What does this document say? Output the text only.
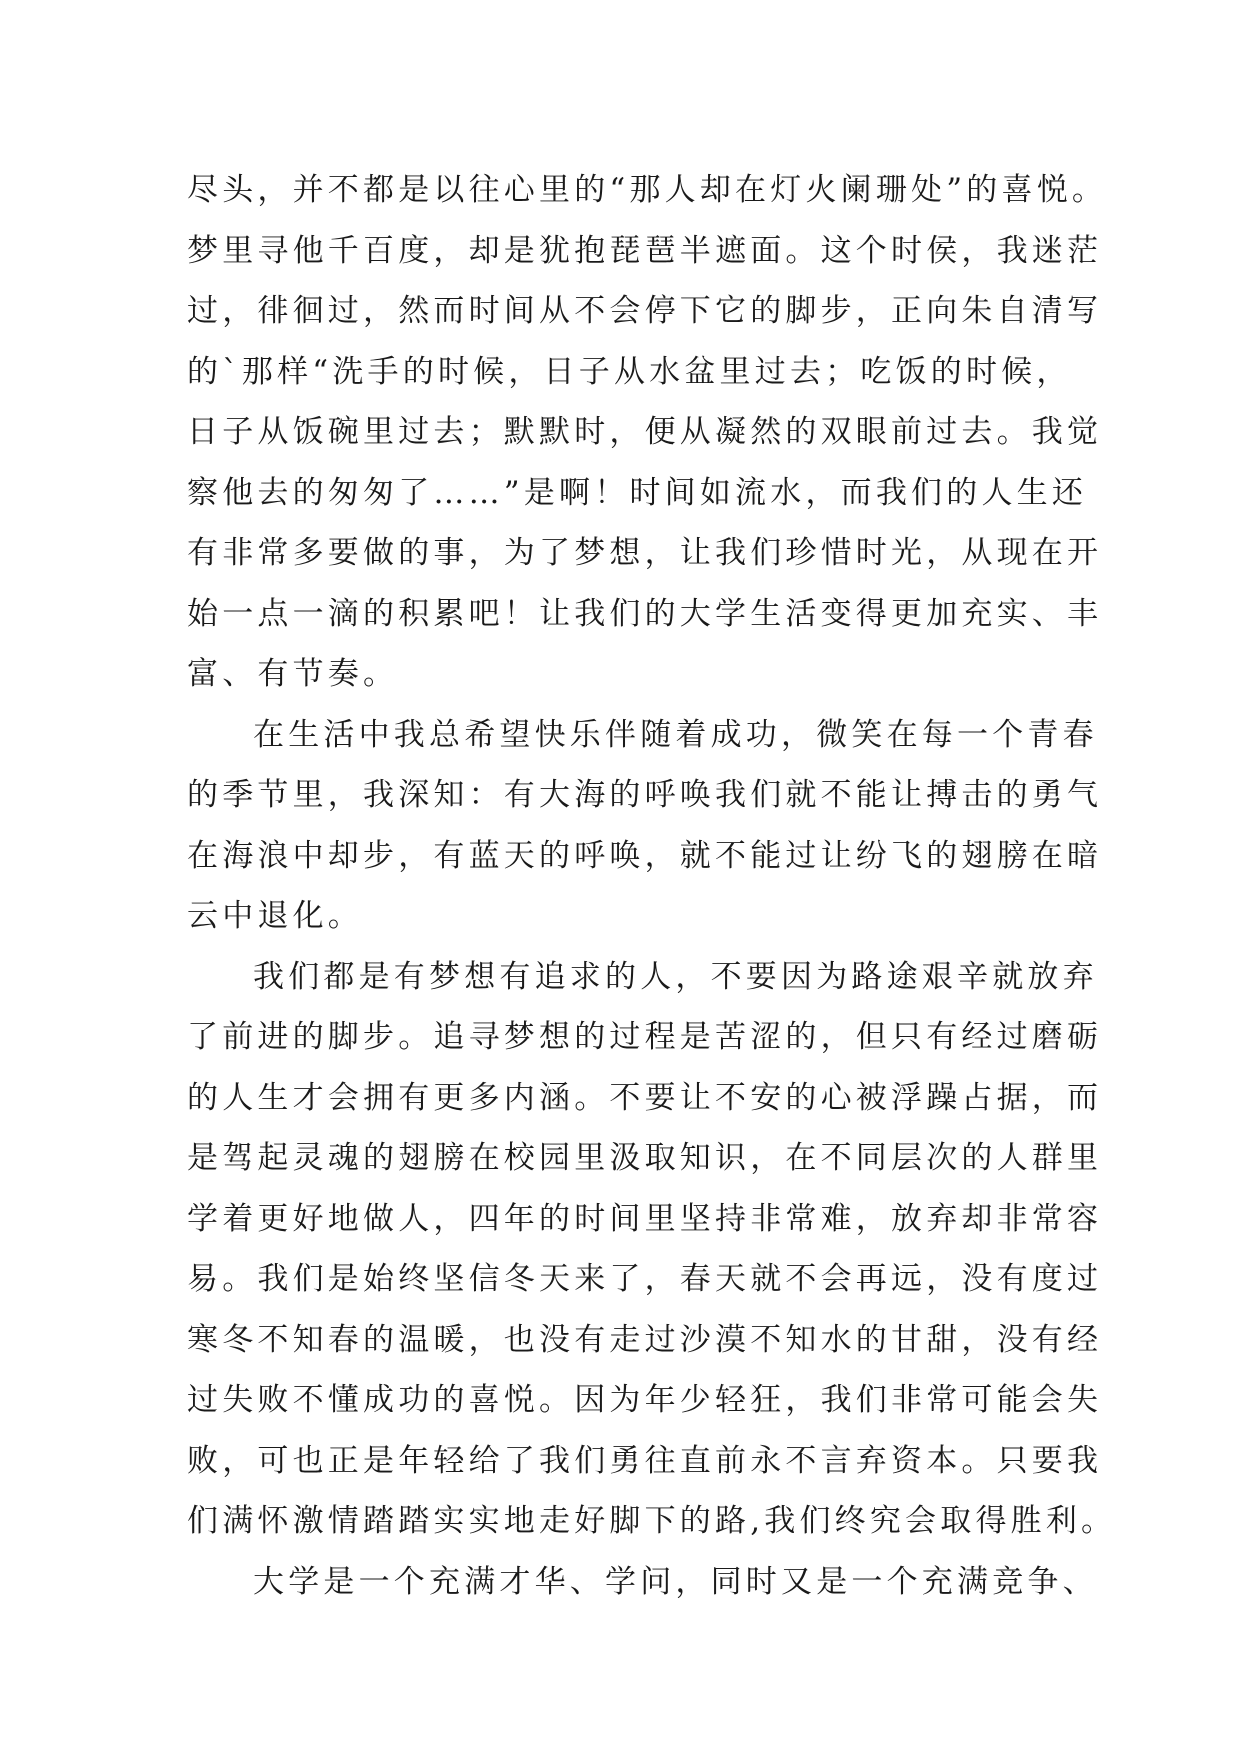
尽头，并不都是以往心里的“那人却在灯火阑珊处”的喜悦。
梦里寻他千百度，却是犹抱琵琶半遮面。这个时侯，我迷茫
过，徘徊过，然而时间从不会停下它的脚步，正向朱自清写
的`那样“洗手的时候，日子从水盆里过去；吃饭的时候，
日子从饭碗里过去；默默时，便从凝然的双眼前过去。我觉
察他去的匆匆了……”是啊！时间如流水，而我们的人生还
有非常多要做的事，为了梦想，让我们珍惜时光，从现在开
始一点一滴的积累吧！让我们的大学生活变得更加充实、丰
富、有节奏。
在生活中我总希望快乐伴随着成功，微笑在每一个青春
的季节里，我深知：有大海的呼唤我们就不能让搏击的勇气
在海浪中却步，有蓝天的呼唤，就不能过让纷飞的翅膀在暗
云中退化。
我们都是有梦想有追求的人，不要因为路途艰辛就放弃
了前进的脚步。追寻梦想的过程是苦涩的，但只有经过磨砺
的人生才会拥有更多内涵。不要让不安的心被浮躁占据，而
是驾起灵魂的翅膀在校园里汲取知识，在不同层次的人群里
学着更好地做人，四年的时间里坚持非常难，放弃却非常容
易。我们是始终坚信冬天来了，春天就不会再远，没有度过
寒冬不知春的温暖，也没有走过沙漠不知水的甘甜，没有经
过失败不懂成功的喜悦。因为年少轻狂，我们非常可能会失
败，可也正是年轻给了我们勇往直前永不言弃资本。只要我
们满怀激情踏踏实实地走好脚下的路,我们终究会取得胜利。
大学是一个充满才华、学问，同时又是一个充满竞争、
